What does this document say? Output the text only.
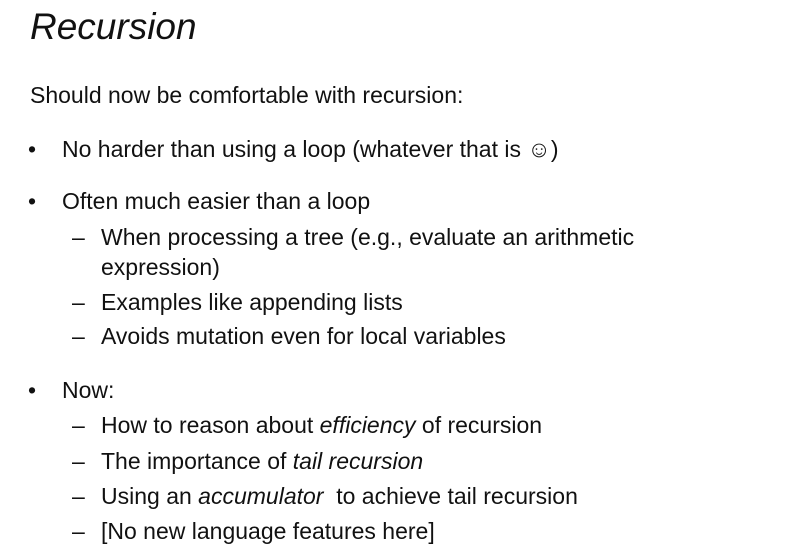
Recursion
Should now be comfortable with recursion:
• No harder than using a loop (whatever that is ☺)
• Often much easier than a loop
– When processing a tree (e.g., evaluate an arithmetic expression)
– Examples like appending lists
– Avoids mutation even for local variables
• Now:
– How to reason about efficiency of recursion
– The importance of tail recursion
– Using an accumulator  to achieve tail recursion
– [No new language features here]
